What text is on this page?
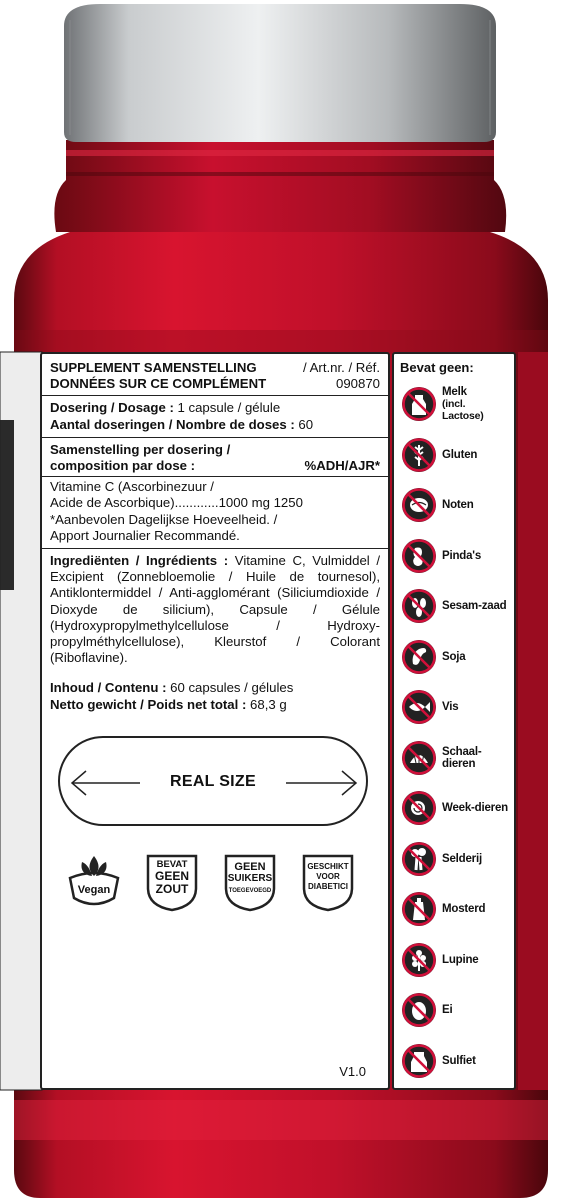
SUPPLEMENT SAMENSTELLING	/ Art.nr. / Réf.
DONNÉES SUR CE COMPLÉMENT	090870
Dosering / Dosage : 1 capsule / gélule
Aantal doseringen / Nombre de doses : 60
Samenstelling per dosering /
composition par dose :	%ADH/AJR*
Vitamine C (Ascorbinezuur /
Acide de Ascorbique)............1000 mg 1250
*Aanbevolen Dagelijkse Hoeveelheid. /
Apport Journalier Recommandé.
Ingrediënten / Ingrédients : Vitamine C, Vulmiddel / Excipient (Zonnebloemolie / Huile de tournesol), Antiklontermiddel / Anti-agglomérant (Siliciumdioxide / Dioxyde de silicium), Capsule / Gélule (Hydroxypropylmethylcellulose / Hydroxy-propylméthylcellulose), Kleurstof / Colorant (Riboflavine).
Inhoud / Contenu : 60 capsules / gélules
Netto gewicht / Poids net total : 68,3 g
REAL SIZE
Vegan
BEVAT
GEEN
ZOUT
GEEN
SUIKERS
TOEGEVOEGD
GESCHIKT
VOOR
DIABETICI
V1.0
Bevat geen:
Melk
(incl. Lactose)
Gluten
Noten
Pinda's
Sesam-zaad
Soja
Vis
Schaal-dieren
Week-dieren
Selderij
Mosterd
Lupine
Ei
Sulfiet
